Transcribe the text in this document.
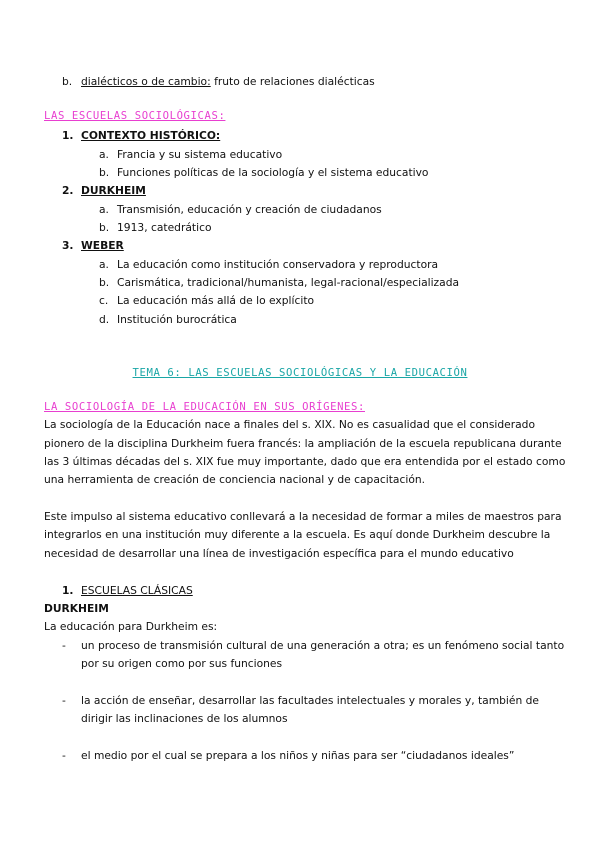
b. dialécticos o de cambio: fruto de relaciones dialécticas
LAS ESCUELAS SOCIOLÓGICAS:
1. CONTEXTO HISTÓRICO:
a. Francia y su sistema educativo
b. Funciones políticas de la sociología y el sistema educativo
2. DURKHEIM
a. Transmisión, educación y creación de ciudadanos
b. 1913, catedrático
3. WEBER
a. La educación como institución conservadora y reproductora
b. Carismática, tradicional/humanista, legal-racional/especializada
c. La educación más allá de lo explícito
d. Institución burocrática
TEMA 6: LAS ESCUELAS SOCIOLÓGICAS Y LA EDUCACIÓN
LA SOCIOLOGÍA DE LA EDUCACIÓN EN SUS ORÍGENES:
La sociología de la Educación nace a finales del s. XIX. No es casualidad que el considerado
pionero de la disciplina Durkheim fuera francés: la ampliación de la escuela republicana durante
las 3 últimas décadas del s. XIX fue muy importante, dado que era entendida por el estado como
una herramienta de creación de conciencia nacional y de capacitación.
Este impulso al sistema educativo conllevará a la necesidad de formar a miles de maestros para
integrarlos en una institución muy diferente a la escuela. Es aquí donde Durkheim descubre la
necesidad de desarrollar una línea de investigación específica para el mundo educativo
1. ESCUELAS CLÁSICAS
DURKHEIM
La educación para Durkheim es:
- un proceso de transmisión cultural de una generación a otra; es un fenómeno social tanto
por su origen como por sus funciones
- la acción de enseñar, desarrollar las facultades intelectuales y morales y, también de
dirigir las inclinaciones de los alumnos
- el medio por el cual se prepara a los niños y niñas para ser “ciudadanos ideales”
